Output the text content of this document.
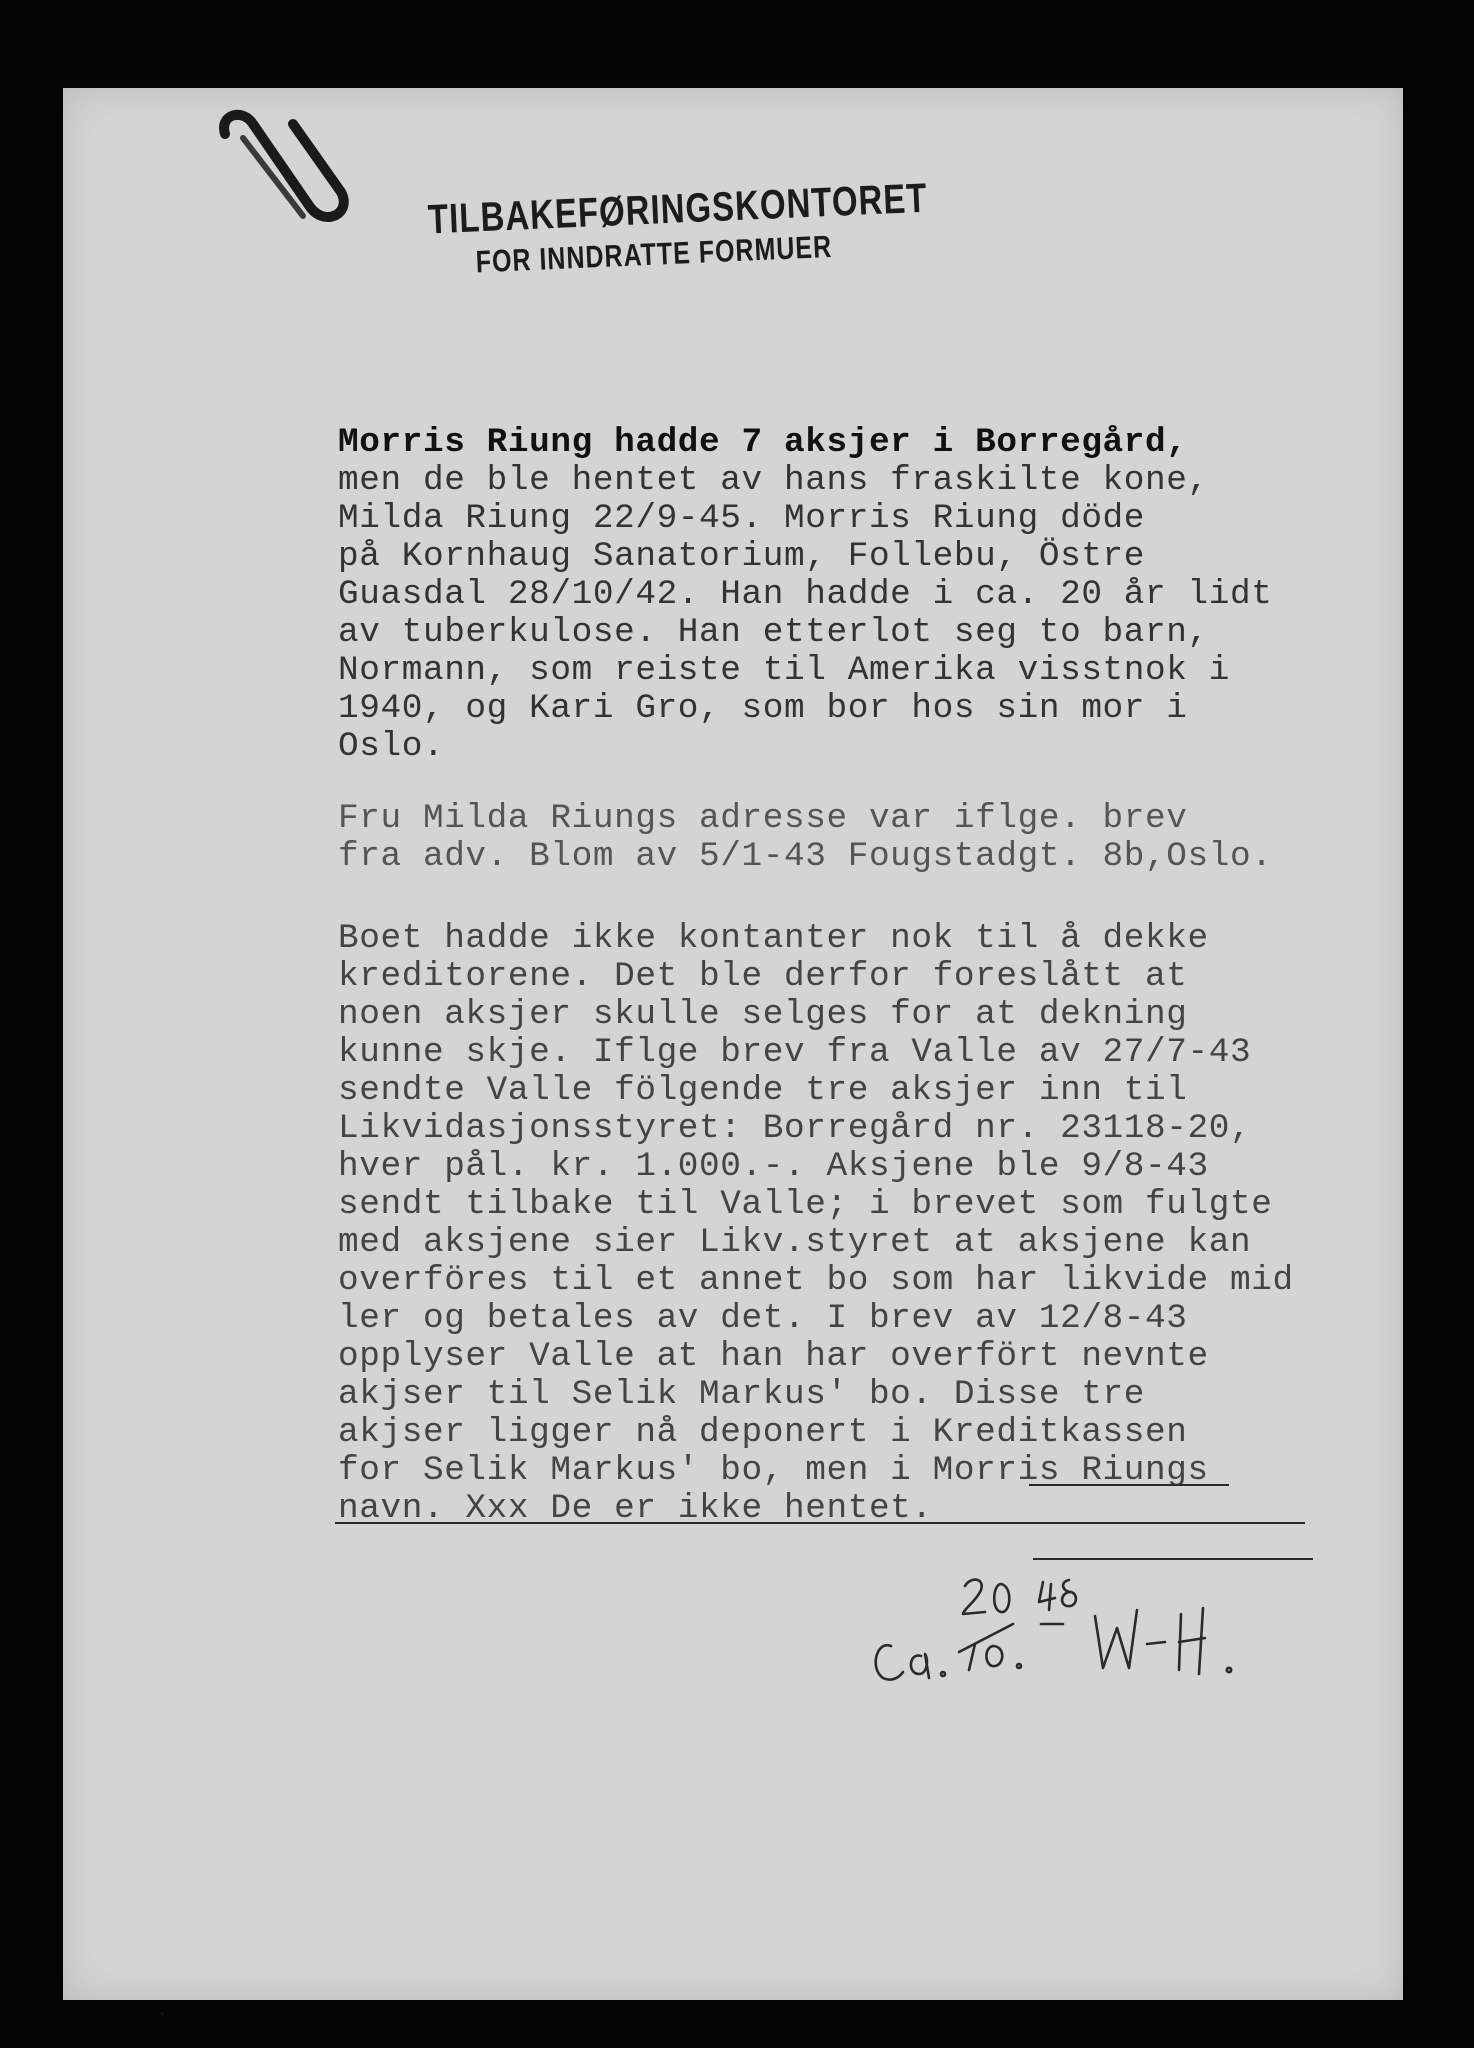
TILBAKEFØRINGSKONTORET
FOR INNDRATTE FORMUER
Morris Riung hadde 7 aksjer i Borregård,
men de ble hentet av hans fraskilte kone,
Milda Riung 22/9-45. Morris Riung döde
på Kornhaug Sanatorium, Follebu, Östre
Guasdal 28/10/42. Han hadde i ca. 20 år lidt
av tuberkulose. Han etterlot seg to barn,
Normann, som reiste til Amerika visstnok i
1940, og Kari Gro, som bor hos sin mor i
Oslo.
Fru Milda Riungs adresse var iflge. brev
fra adv. Blom av 5/1-43 Fougstadgt. 8b,Oslo.
Boet hadde ikke kontanter nok til å dekke
kreditorene. Det ble derfor foreslått at
noen aksjer skulle selges for at dekning
kunne skje. Iflge brev fra Valle av 27/7-43
sendte Valle fölgende tre aksjer inn til
Likvidasjonsstyret: Borregård nr. 23118-20,
hver pål. kr. 1.000.-. Aksjene ble 9/8-43
sendt tilbake til Valle; i brevet som fulgte
med aksjene sier Likv.styret at aksjene kan
overföres til et annet bo som har likvide mid
ler og betales av det. I brev av 12/8-43
opplyser Valle at han har overfört nevnte
akjser til Selik Markus' bo. Disse tre
akjser ligger nå deponert i Kreditkassen
for Selik Markus' bo, men i Morris Riungs
navn. Xxx De er ikke hentet.
